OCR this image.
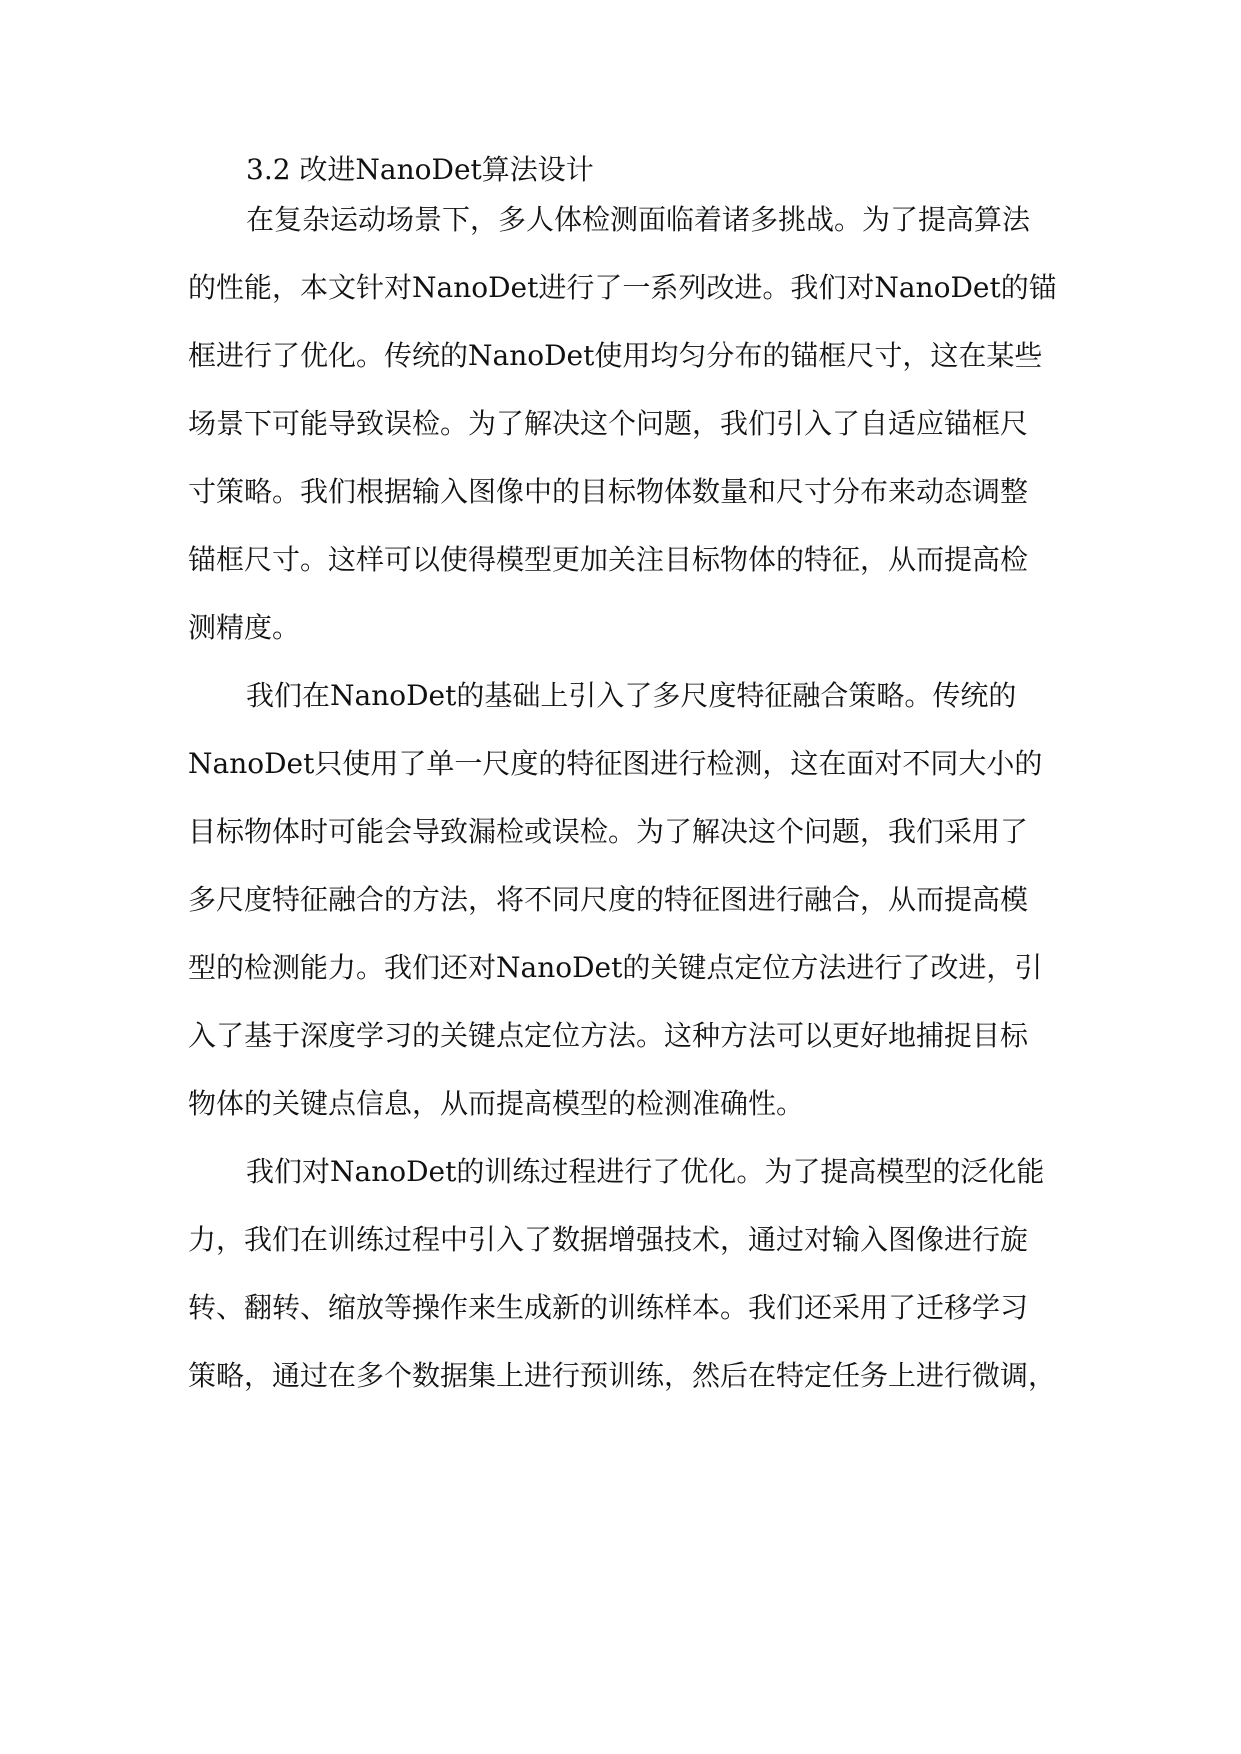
3.2 改进NanoDet算法设计
在复杂运动场景下，多人体检测面临着诸多挑战。为了提高算法
的性能，本文针对NanoDet进行了一系列改进。我们对NanoDet的锚
框进行了优化。传统的NanoDet使用均匀分布的锚框尺寸，这在某些
场景下可能导致误检。为了解决这个问题，我们引入了自适应锚框尺
寸策略。我们根据输入图像中的目标物体数量和尺寸分布来动态调整
锚框尺寸。这样可以使得模型更加关注目标物体的特征，从而提高检
测精度。
我们在NanoDet的基础上引入了多尺度特征融合策略。传统的
NanoDet只使用了单一尺度的特征图进行检测，这在面对不同大小的
目标物体时可能会导致漏检或误检。为了解决这个问题，我们采用了
多尺度特征融合的方法，将不同尺度的特征图进行融合，从而提高模
型的检测能力。我们还对NanoDet的关键点定位方法进行了改进，引
入了基于深度学习的关键点定位方法。这种方法可以更好地捕捉目标
物体的关键点信息，从而提高模型的检测准确性。
我们对NanoDet的训练过程进行了优化。为了提高模型的泛化能
力，我们在训练过程中引入了数据增强技术，通过对输入图像进行旋
转、翻转、缩放等操作来生成新的训练样本。我们还采用了迁移学习
策略，通过在多个数据集上进行预训练，然后在特定任务上进行微调，
